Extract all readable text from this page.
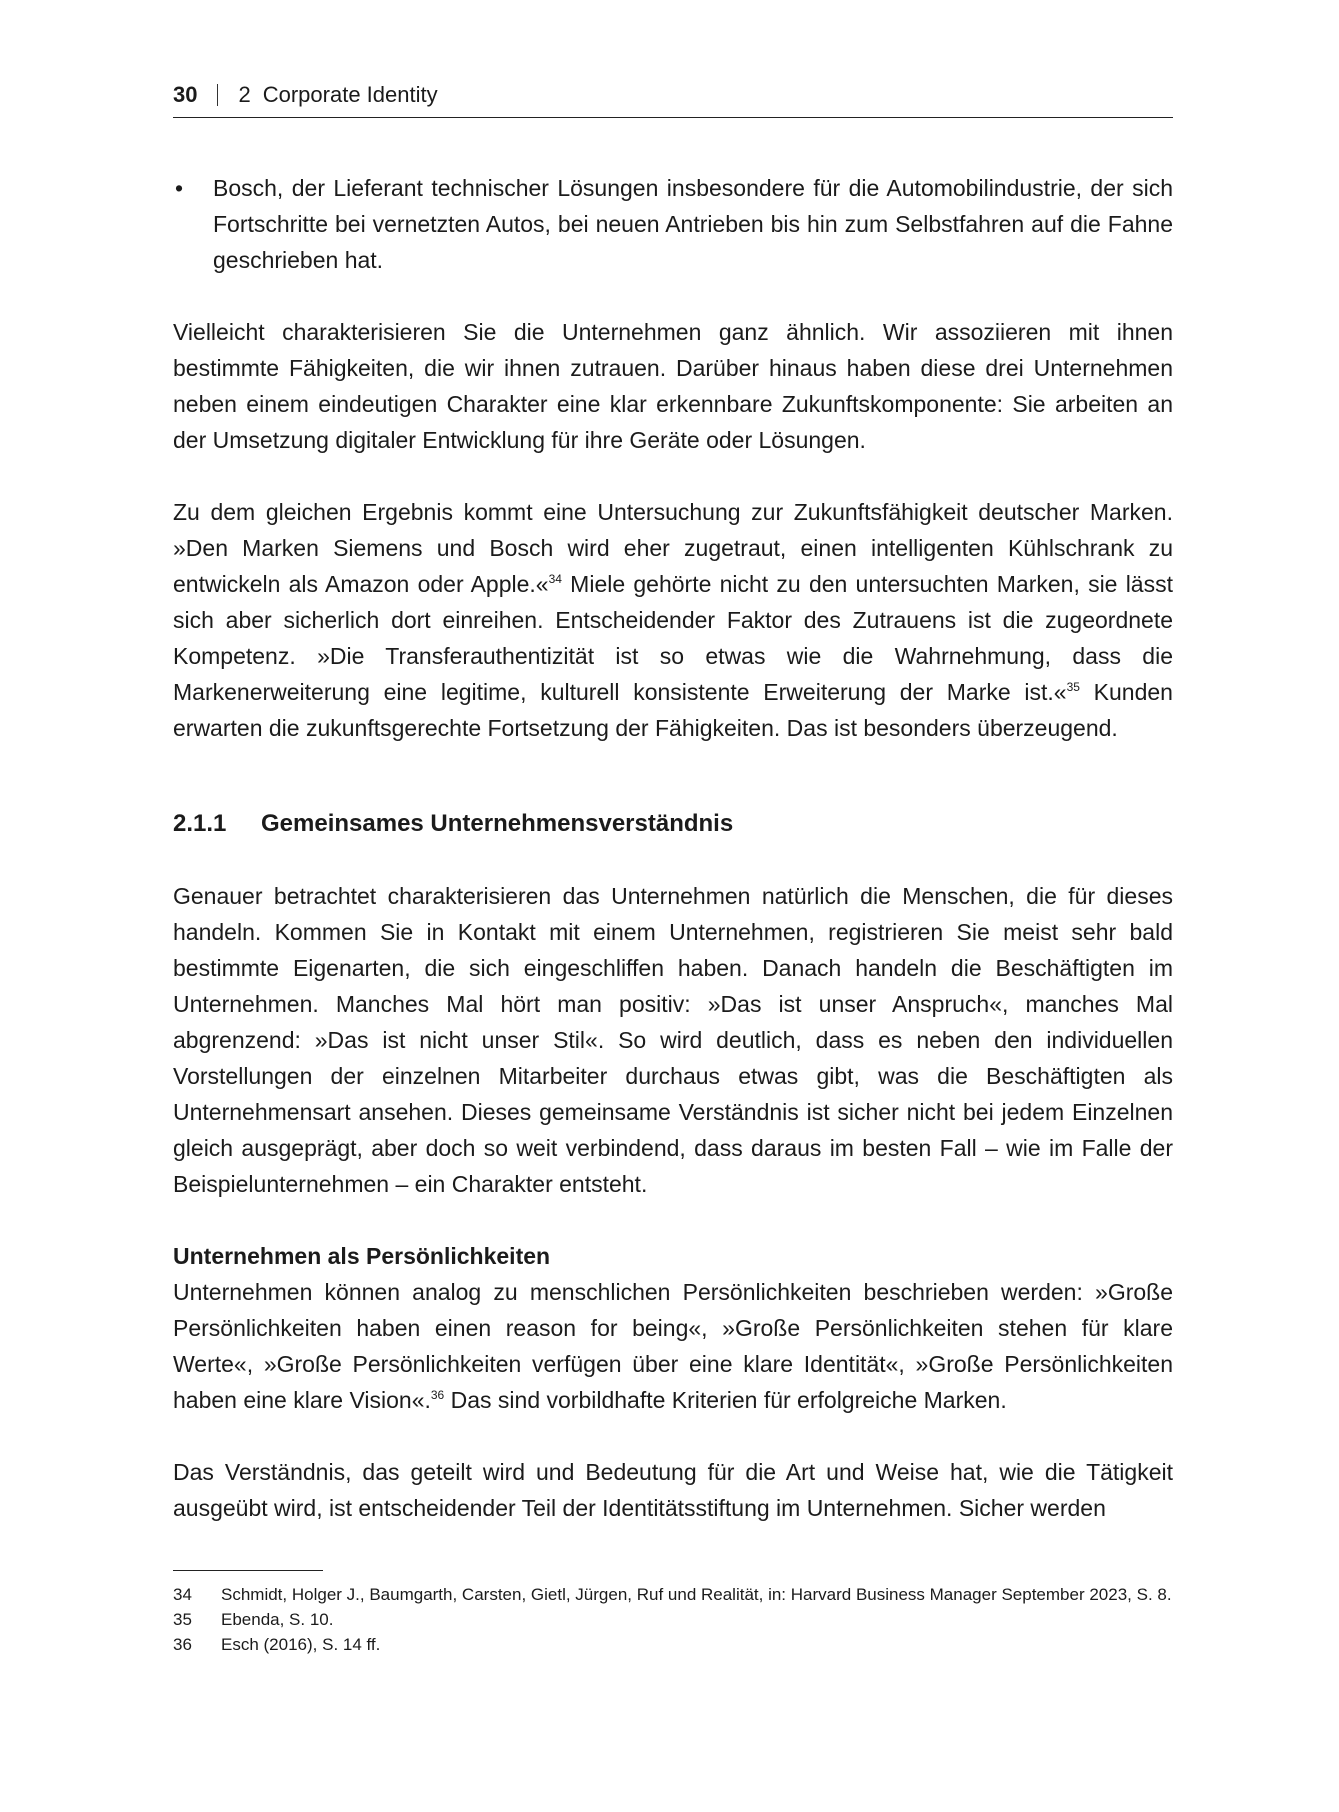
30 2 Corporate Identity
• Bosch, der Lieferant technischer Lösungen insbesondere für die Automobilindustrie, der sich Fortschritte bei vernetzten Autos, bei neuen Antrieben bis hin zum Selbstfahren auf die Fahne geschrieben hat.

Vielleicht charakterisieren Sie die Unternehmen ganz ähnlich. Wir assoziieren mit ihnen bestimmte Fähigkeiten, die wir ihnen zutrauen. Darüber hinaus haben diese drei Unternehmen neben einem eindeutigen Charakter eine klar erkennbare Zukunftskomponente: Sie arbeiten an der Umsetzung digitaler Entwicklung für ihre Geräte oder Lösungen.

Zu dem gleichen Ergebnis kommt eine Untersuchung zur Zukunftsfähigkeit deutscher Marken. »Den Marken Siemens und Bosch wird eher zugetraut, einen intelligenten Kühlschrank zu entwickeln als Amazon oder Apple.«$^{34}$ Miele gehörte nicht zu den untersuchten Marken, sie lässt sich aber sicherlich dort einreihen. Entscheidender Faktor des Zutrauens ist die zugeordnete Kompetenz. »Die Transferauthentizität ist so etwas wie die Wahrnehmung, dass die Markenerweiterung eine legitime, kulturell konsistente Erweiterung der Marke ist.«$^{35}$ Kunden erwarten die zukunftsgerechte Fortsetzung der Fähigkeiten. Das ist besonders überzeugend.

2.1.1 Gemeinsames Unternehmensverständnis

Genauer betrachtet charakterisieren das Unternehmen natürlich die Menschen, die für dieses handeln. Kommen Sie in Kontakt mit einem Unternehmen, registrieren Sie meist sehr bald bestimmte Eigenarten, die sich eingeschliffen haben. Danach handeln die Beschäftigten im Unternehmen. Manches Mal hört man positiv: »Das ist unser Anspruch«, manches Mal abgrenzend: »Das ist nicht unser Stil«. So wird deutlich, dass es neben den individuellen Vorstellungen der einzelnen Mitarbeiter durchaus etwas gibt, was die Beschäftigten als Unternehmensart ansehen. Dieses gemeinsame Verständnis ist sicher nicht bei jedem Einzelnen gleich ausgeprägt, aber doch so weit verbindend, dass daraus im besten Fall – wie im Falle der Beispielunternehmen – ein Charakter entsteht.

Unternehmen als Persönlichkeiten

Unternehmen können analog zu menschlichen Persönlichkeiten beschrieben werden: »Große Persönlichkeiten haben einen reason for being«, »Große Persönlichkeiten stehen für klare Werte«, »Große Persönlichkeiten verfügen über eine klare Identität«, »Große Persönlichkeiten haben eine klare Vision«.$^{36}$ Das sind vorbildhafte Kriterien für erfolgreiche Marken.

Das Verständnis, das geteilt wird und Bedeutung für die Art und Weise hat, wie die Tätigkeit ausgeübt wird, ist entscheidender Teil der Identitätsstiftung im Unternehmen. Sicher werden

34	Schmidt, Holger J., Baumgarth, Carsten, Gietl, Jürgen, Ruf und Realität, in: Harvard Business Manager September 2023, S. 8.
35	Ebenda, S. 10.
36	Esch (2016), S. 14 ff.
